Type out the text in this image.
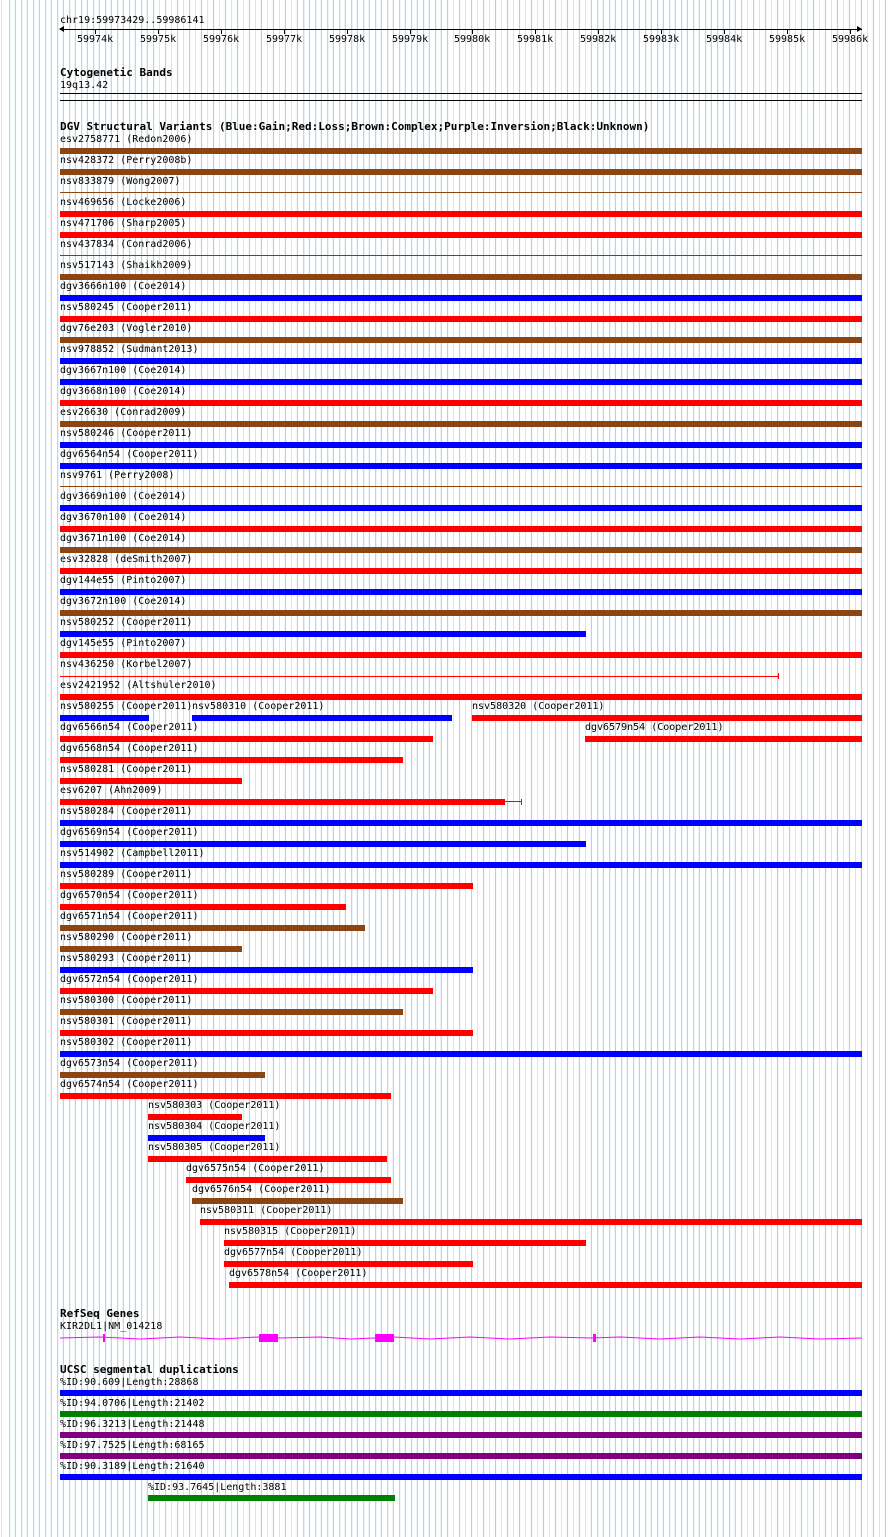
chr19:59973429..59986141
59974k	59975k	59976k	59977k	59978k	59979k	59980k	59981k	59982k	59983k	59984k	59985k	59986k
Cytogenetic Bands
19q13.42
DGV Structural Variants (Blue:Gain;Red:Loss;Brown:Complex;Purple:Inversion;Black:Unknown)
esv2758771 (Redon2006)
nsv428372 (Perry2008b)
nsv833879 (Wong2007)
nsv469656 (Locke2006)
nsv471706 (Sharp2005)
nsv437834 (Conrad2006)
nsv517143 (Shaikh2009)
dgv3666n100 (Coe2014)
nsv580245 (Cooper2011)
dgv76e203 (Vogler2010)
nsv978852 (Sudmant2013)
dgv3667n100 (Coe2014)
dgv3668n100 (Coe2014)
esv26630 (Conrad2009)
nsv580246 (Cooper2011)
dgv6564n54 (Cooper2011)
nsv9761 (Perry2008)
dgv3669n100 (Coe2014)
dgv3670n100 (Coe2014)
dgv3671n100 (Coe2014)
esv32828 (deSmith2007)
dgv144e55 (Pinto2007)
dgv3672n100 (Coe2014)
nsv580252 (Cooper2011)
dgv145e55 (Pinto2007)
nsv436250 (Korbel2007)
esv2421952 (Altshuler2010)
nsv580255 (Cooper2011) nsv580310 (Cooper2011)	nsv580320 (Cooper2011)
dgv6566n54 (Cooper2011)	dgv6579n54 (Cooper2011)
dgv6568n54 (Cooper2011)
nsv580281 (Cooper2011)
esv6207 (Ahn2009)
nsv580284 (Cooper2011)
dgv6569n54 (Cooper2011)
nsv514902 (Campbell2011)
nsv580289 (Cooper2011)
dgv6570n54 (Cooper2011)
dgv6571n54 (Cooper2011)
nsv580290 (Cooper2011)
nsv580293 (Cooper2011)
dgv6572n54 (Cooper2011)
nsv580300 (Cooper2011)
nsv580301 (Cooper2011)
nsv580302 (Cooper2011)
dgv6573n54 (Cooper2011)
dgv6574n54 (Cooper2011)
nsv580303 (Cooper2011)
nsv580304 (Cooper2011)
nsv580305 (Cooper2011)
dgv6575n54 (Cooper2011)
dgv6576n54 (Cooper2011)
nsv580311 (Cooper2011)
nsv580315 (Cooper2011)
dgv6577n54 (Cooper2011)
dgv6578n54 (Cooper2011)
RefSeq Genes
KIR2DL1|NM_014218
UCSC segmental duplications
%ID:90.609|Length:28868
%ID:94.0706|Length:21402
%ID:96.3213|Length:21448
%ID:97.7525|Length:68165
%ID:90.3189|Length:21640
%ID:93.7645|Length:3881
